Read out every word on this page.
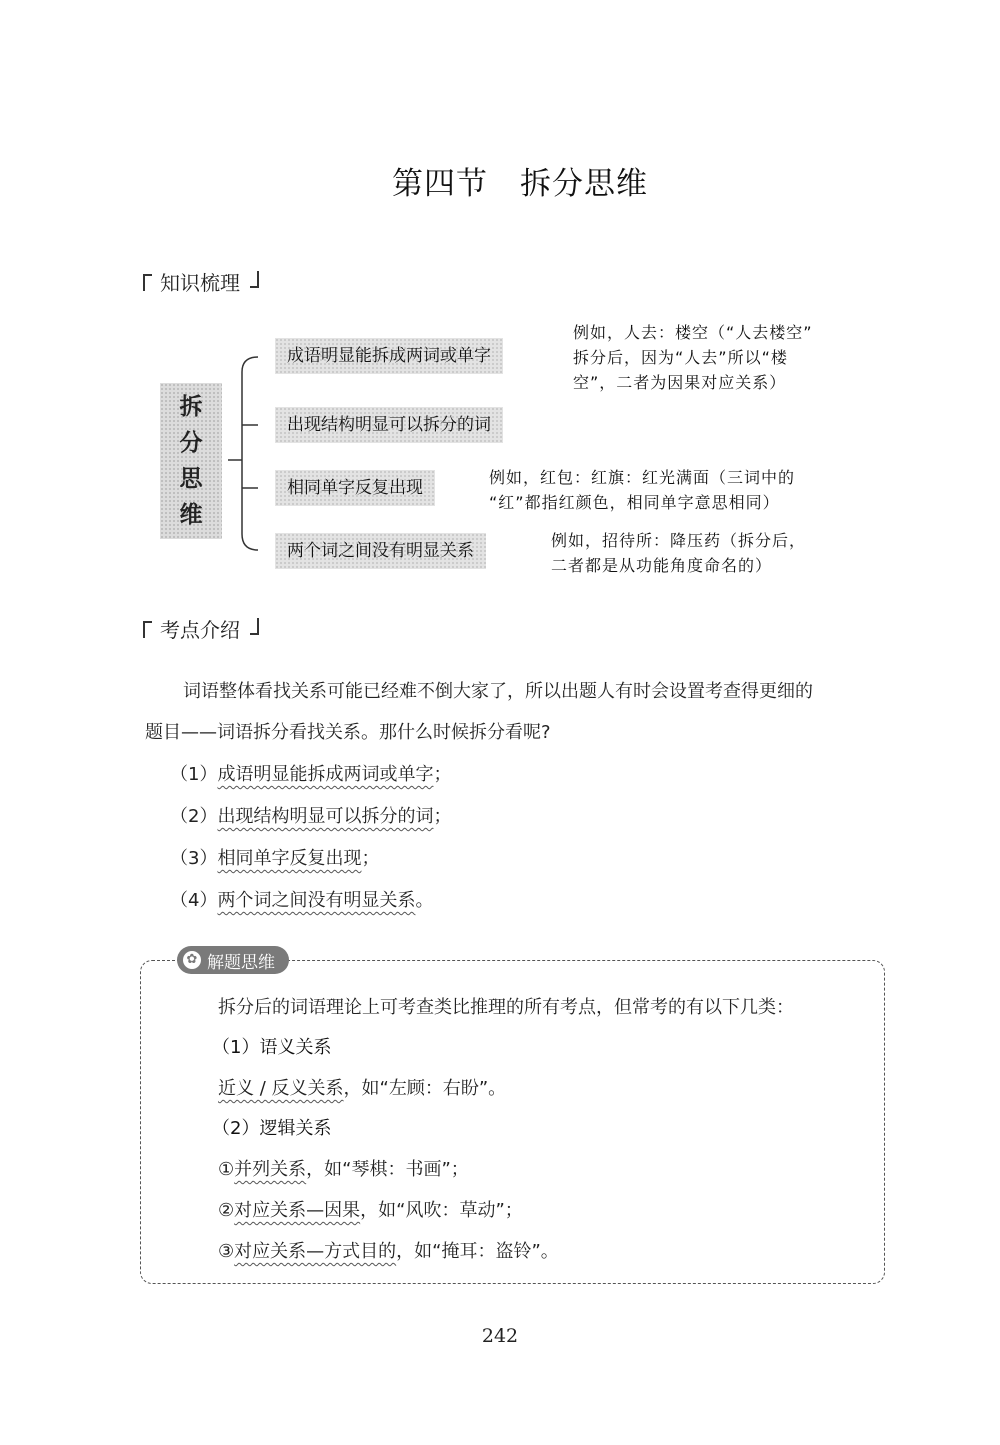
第四节　拆分思维
知识梳理
拆
分
思
维
成语明显能拆成两词或单字
出现结构明显可以拆分的词
相同单字反复出现
两个词之间没有明显关系
例如，人去：楼空（“人去楼空”
拆分后，因为“人去”所以“楼
空”，二者为因果对应关系）
例如，红包：红旗：红光满面（三词中的
“红”都指红颜色，相同单字意思相同）
例如，招待所：降压药（拆分后，
二者都是从功能角度命名的）
考点介绍
词语整体看找关系可能已经难不倒大家了，所以出题人有时会设置考查得更细的
题目——词语拆分看找关系。那什么时候拆分看呢?
（1）成语明显能拆成两词或单字；
（2）出现结构明显可以拆分的词；
（3）相同单字反复出现；
（4）两个词之间没有明显关系。
✿ 解题思维
拆分后的词语理论上可考查类比推理的所有考点，但常考的有以下几类：
（1）语义关系
近义 / 反义关系，如“左顾：右盼”。
（2）逻辑关系
①并列关系，如“琴棋：书画”；
②对应关系—因果，如“风吹：草动”；
③对应关系—方式目的，如“掩耳：盗铃”。
242
